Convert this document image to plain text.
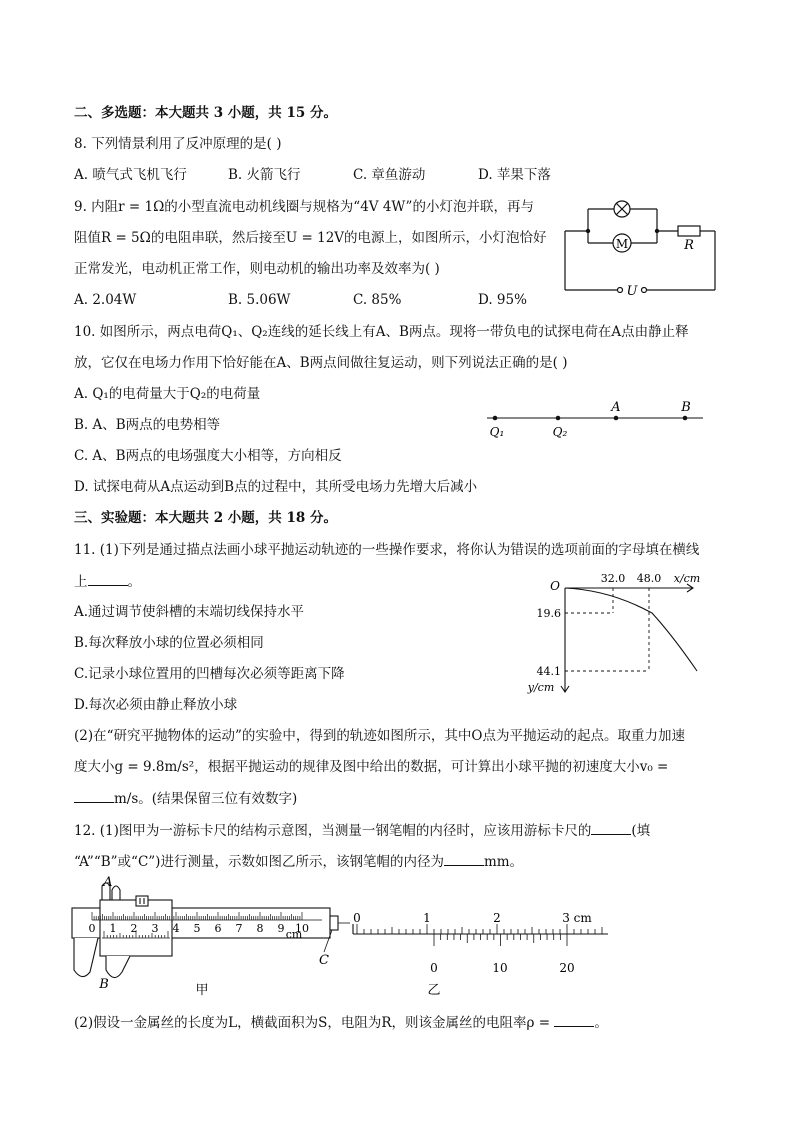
二、多选题：本大题共 3 小题，共 15 分。
8. 下列情景利用了反冲原理的是( )
A. 喷气式飞机飞行	B. 火箭飞行	C. 章鱼游动	D. 苹果下落
9. 内阻r = 1Ω的小型直流电动机线圈与规格为“4V 4W”的小灯泡并联，再与
阻值R = 5Ω的电阻串联，然后接至U = 12V的电源上，如图所示，小灯泡恰好
正常发光，电动机正常工作，则电动机的输出功率及效率为( )
A. 2.04W	B. 5.06W	C. 85%	D. 95%
M	R
U
10. 如图所示，两点电荷Q₁、Q₂连线的延长线上有A、B两点。现将一带负电的试探电荷在A点由静止释
放，它仅在电场力作用下恰好能在A、B两点间做往复运动，则下列说法正确的是( )
A. Q₁的电荷量大于Q₂的电荷量
B. A、B两点的电势相等
C. A、B两点的电场强度大小相等，方向相反
D. 试探电荷从A点运动到B点的过程中，其所受电场力先增大后减小
Q₁	Q₂
A	B
三、实验题：本大题共 2 小题，共 18 分。
11. (1)下列是通过描点法画小球平抛运动轨迹的一些操作要求，将你认为错误的选项前面的字母填在横线
上	。
A.通过调节使斜槽的末端切线保持水平
B.每次释放小球的位置必须相同
C.记录小球位置用的凹槽每次必须等距离下降
D.每次必须由静止释放小球
O
32.0 48.0 x/cm
19.6
44.1
y/cm
(2)在“研究平抛物体的运动”的实验中，得到的轨迹如图所示，其中O点为平抛运动的起点。取重力加速
度大小g = 9.8m/s²，根据平抛运动的规律及图中给出的数据，可计算出小球平抛的初速度大小v₀ =
m/s。(结果保留三位有效数字)
12. (1)图甲为一游标卡尺的结构示意图，当测量一钢笔帽的内径时，应该用游标卡尺的	(填
“A”“B”或“C”)进行测量，示数如图乙所示，该钢笔帽的内径为	mm。
0 1 2 3 4 5 6 7 8 9 10
cm
A
B
C
甲
0	1	2	3 cm
0	10	20
乙
(2)假设一金属丝的长度为L，横截面积为S，电阻为R，则该金属丝的电阻率ρ =	。
